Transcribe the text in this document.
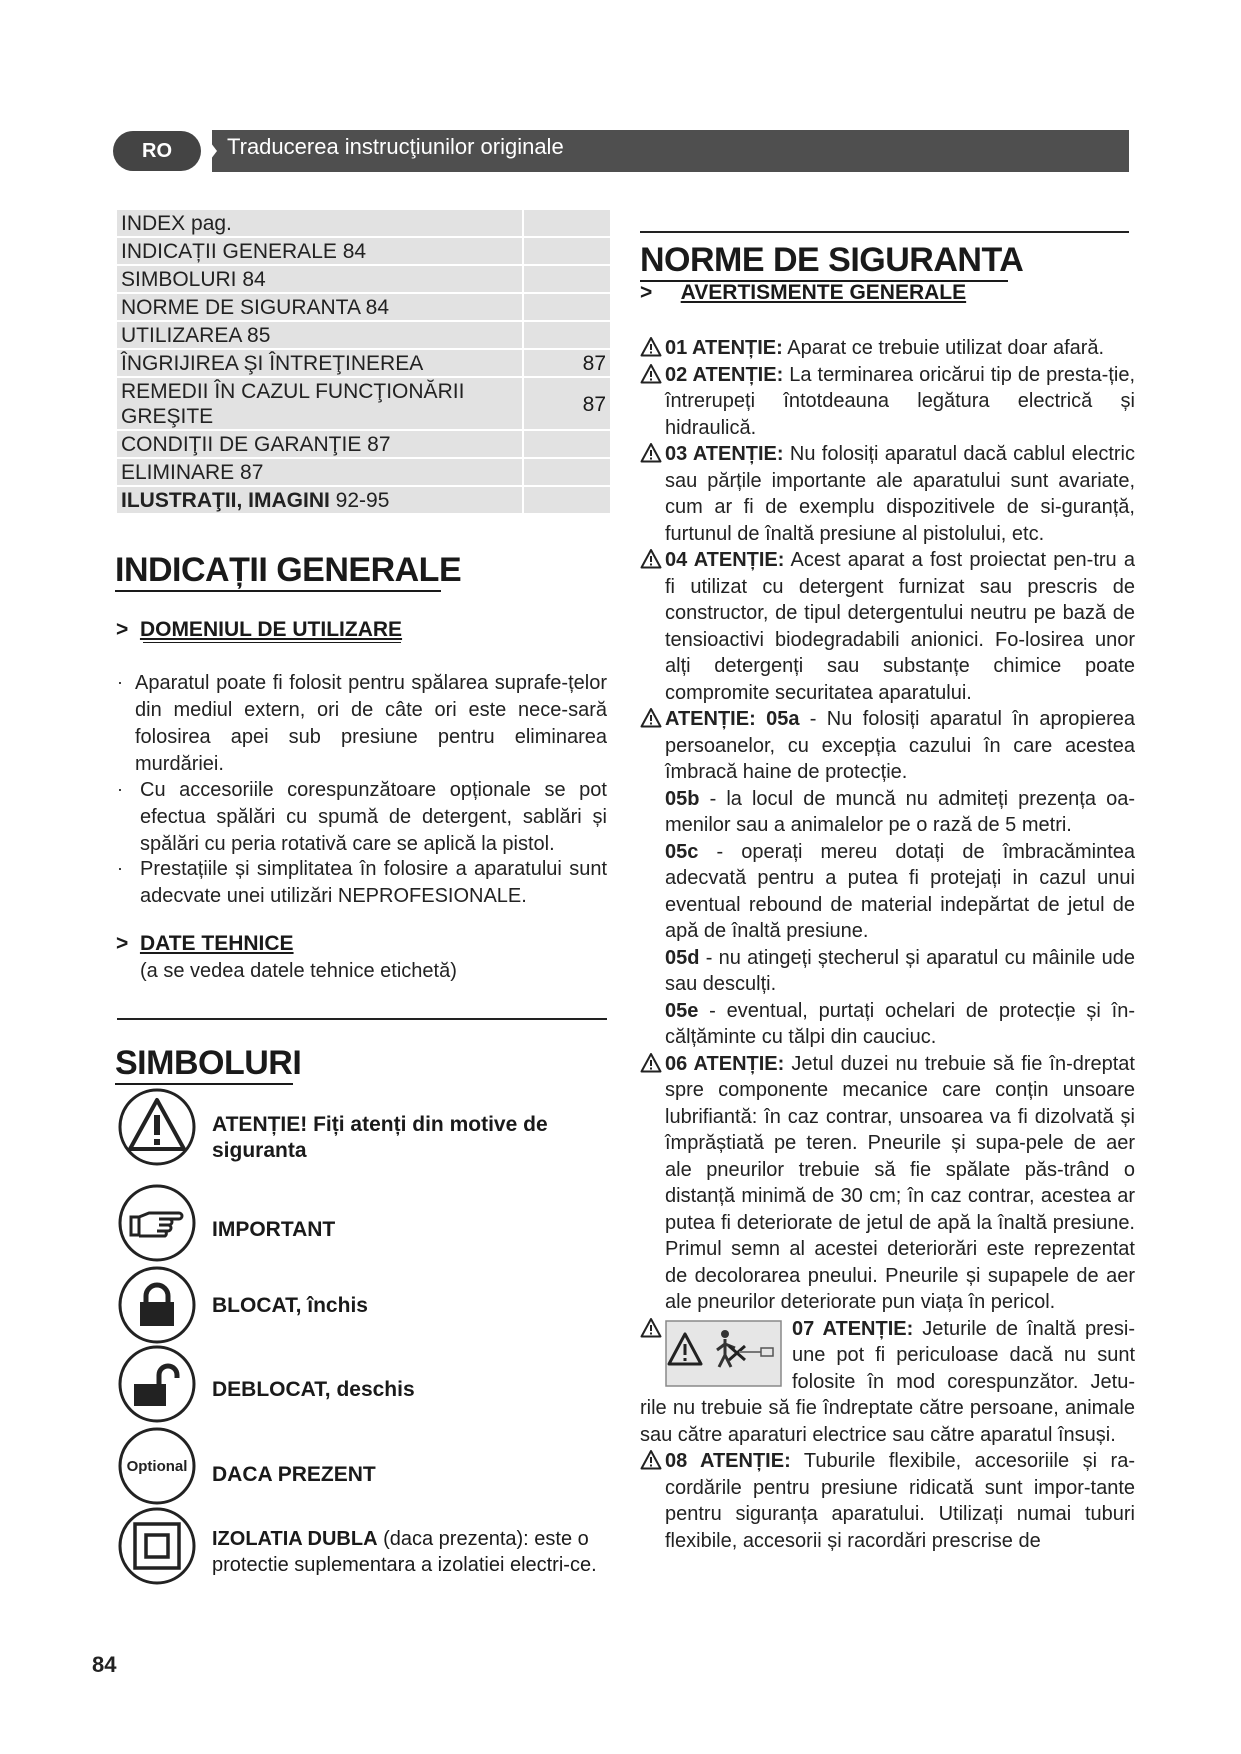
RO	Traducerea instrucţiunilor originale
INDEX pag.
INDICAȚII GENERALE 84
SIMBOLURI 84
NORME DE SIGURANTA 84
UTILIZAREA 85
ÎNGRIJIREA ŞI ÎNTREŢINEREA	87
REMEDII ÎN CAZUL FUNCŢIONĂRII GREŞITE
87
CONDIŢII DE GARANŢIE 87
ELIMINARE 87
ILUSTRAŢII, IMAGINI 92-95
INDICAȚII GENERALE
>  DOMENIUL DE UTILIZARE
· Aparatul poate fi folosit pentru spălarea suprafe-țelor din mediul extern, ori de câte ori este nece-sară folosirea apei sub presiune pentru eliminarea murdăriei.
· Cu accesoriile corespunzătoare opționale se pot efectua spălări cu spumă de detergent, sablări și spălări cu peria rotativă care se aplică la pistol.
· Prestațiile și simplitatea în folosire a aparatului sunt adecvate unei utilizări NEPROFESIONALE.
>  DATE TEHNICE
(a se vedea datele tehnice etichetă)
SIMBOLURI
ATENȚIE! Fiți atenți din motive de siguranta
IMPORTANT
BLOCAT, închis
DEBLOCAT, deschis
Optional DACA PREZENT
IZOLATIA DUBLA (daca prezenta): este o protectie suplementara a izolatiei electri-ce.
NORME DE SIGURANTA
>     AVERTISMENTE GENERALE

01 ATENȚIE: Aparat ce trebuie utilizat doar afară.

02 ATENȚIE: La terminarea oricărui tip de presta-ție, întrerupeți întotdeauna legătura electrică și hidraulică.

03 ATENȚIE: Nu folosiți aparatul dacă cablul electric sau părțile importante ale aparatului sunt avariate, cum ar fi de exemplu dispozitivele de si-guranță, furtunul de înaltă presiune al pistolului, etc.

04 ATENȚIE: Acest aparat a fost proiectat pen-tru a fi utilizat cu detergent furnizat sau prescris de constructor, de tipul detergentului neutru pe bază de tensioactivi biodegradabili anionici. Fo-losirea unor alți detergenți sau substanțe chimice poate compromite securitatea aparatului.

ATENȚIE: 05a - Nu folosiți aparatul în apropierea persoanelor, cu excepția cazului în care acestea îmbracă haine de protecție.

05b - la locul de muncă nu admiteți prezența oa-menilor sau a animalelor pe o rază de 5 metri.

05c - operați mereu dotați de îmbracămintea adecvată pentru a putea fi protejați in cazul unui eventual rebound de material indepărtat de jetul de apă de înaltă presiune.

05d - nu atingeți ștecherul și aparatul cu mâinile ude sau desculți.

05e - eventual, purtați ochelari de protecție și în-călțăminte cu tălpi din cauciuc.

06 ATENȚIE: Jetul duzei nu trebuie să fie în-dreptat spre componente mecanice care conțin unsoare lubrifiantă: în caz contrar, unsoarea va fi dizolvată și împrăștiată pe teren. Pneurile și supa-pele de aer ale pneurilor trebuie să fie spălate păs-trând o distanță minimă de 30 cm; în caz contrar, acestea ar putea fi deteriorate de jetul de apă la înaltă presiune. Primul semn al acestei deteriorări este reprezentat de decolorarea pneului. Pneurile și supapele de aer ale pneurilor deteriorate pun viața în pericol.

07 ATENȚIE: Jeturile de înaltă presi-une pot fi periculoase dacă nu sunt folosite în mod corespunzător. Jetu-rile nu trebuie să fie îndreptate către persoane, animale sau către aparaturi electrice sau către aparatul însuși.

08 ATENȚIE: Tuburile flexibile, accesoriile și ra-cordările pentru presiune ridicată sunt impor-tante pentru siguranța aparatului. Utilizați numai tuburi flexibile, accesorii și racordări prescrise de

84
